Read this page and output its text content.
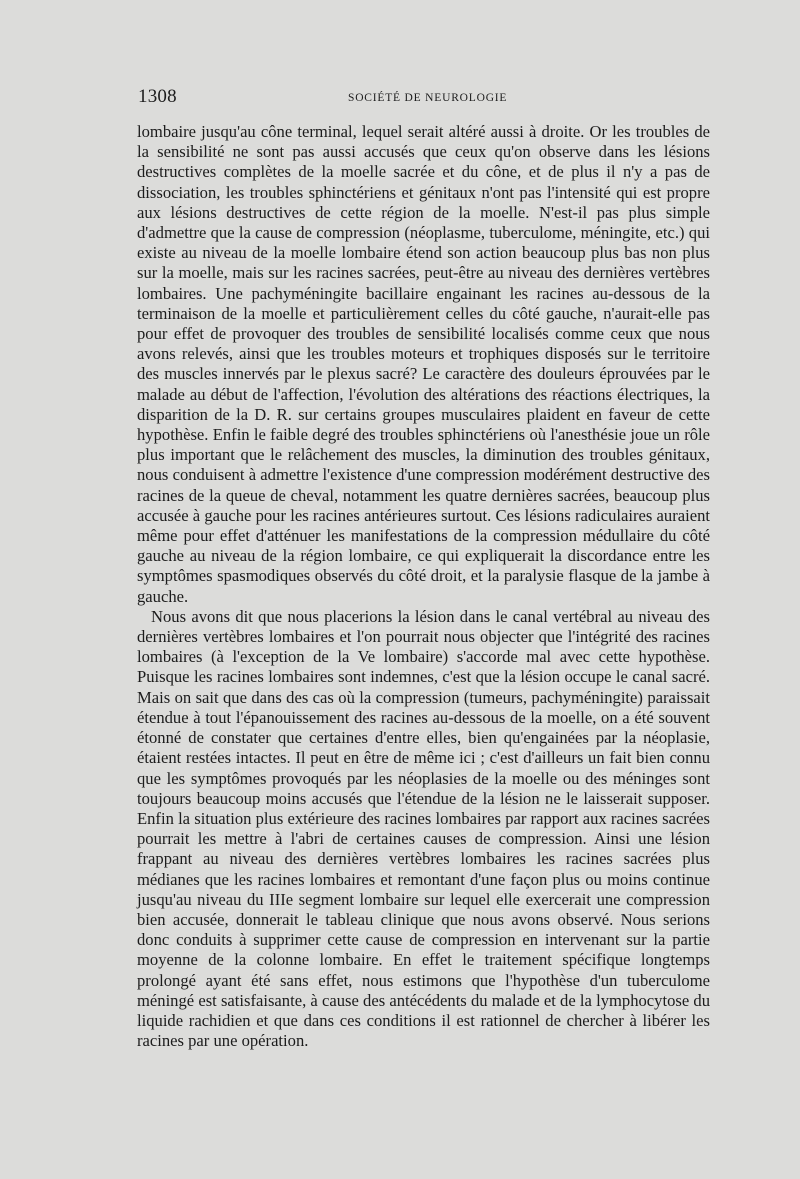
1308	SOCIÉTÉ DE NEUROLOGIE

lombaire jusqu'au cône terminal, lequel serait altéré aussi à droite. Or les troubles de la sensibilité ne sont pas aussi accusés que ceux qu'on observe dans les lésions destructives complètes de la moelle sacrée et du cône, et de plus il n'y a pas de dissociation, les troubles sphinctériens et génitaux n'ont pas l'intensité qui est propre aux lésions destructives de cette région de la moelle. N'est-il pas plus simple d'admettre que la cause de compression (néoplasme, tuberculome, méningite, etc.) qui existe au niveau de la moelle lombaire étend son action beaucoup plus bas non plus sur la moelle, mais sur les racines sacrées, peut-être au niveau des dernières vertèbres lombaires. Une pachyméningite bacillaire engainant les racines au-dessous de la terminaison de la moelle et particulièrement celles du côté gauche, n'aurait-elle pas pour effet de provoquer des troubles de sensibilité localisés comme ceux que nous avons relevés, ainsi que les troubles moteurs et trophiques disposés sur le territoire des muscles innervés par le plexus sacré? Le caractère des douleurs éprouvées par le malade au début de l'affection, l'évolution des altérations des réactions électriques, la disparition de la D. R. sur certains groupes musculaires plaident en faveur de cette hypothèse. Enfin le faible degré des troubles sphinctériens où l'anesthésie joue un rôle plus important que le relâchement des muscles, la diminution des troubles génitaux, nous conduisent à admettre l'existence d'une compression modérément destructive des racines de la queue de cheval, notamment les quatre dernières sacrées, beaucoup plus accusée à gauche pour les racines antérieures surtout. Ces lésions radiculaires auraient même pour effet d'atténuer les manifestations de la compression médullaire du côté gauche au niveau de la région lombaire, ce qui expliquerait la discordance entre les symptômes spasmodiques observés du côté droit, et la paralysie flasque de la jambe à gauche.

Nous avons dit que nous placerions la lésion dans le canal vertébral au niveau des dernières vertèbres lombaires et l'on pourrait nous objecter que l'intégrité des racines lombaires (à l'exception de la Ve lombaire) s'accorde mal avec cette hypothèse. Puisque les racines lombaires sont indemnes, c'est que la lésion occupe le canal sacré. Mais on sait que dans des cas où la compression (tumeurs, pachyméningite) paraissait étendue à tout l'épanouissement des racines au-dessous de la moelle, on a été souvent étonné de constater que certaines d'entre elles, bien qu'engainées par la néoplasie, étaient restées intactes. Il peut en être de même ici ; c'est d'ailleurs un fait bien connu que les symptômes provoqués par les néoplasies de la moelle ou des méninges sont toujours beaucoup moins accusés que l'étendue de la lésion ne le laisserait supposer. Enfin la situation plus extérieure des racines lombaires par rapport aux racines sacrées pourrait les mettre à l'abri de certaines causes de compression. Ainsi une lésion frappant au niveau des dernières vertèbres lombaires les racines sacrées plus médianes que les racines lombaires et remontant d'une façon plus ou moins continue jusqu'au niveau du IIIe segment lombaire sur lequel elle exercerait une compression bien accusée, donnerait le tableau clinique que nous avons observé. Nous serions donc conduits à supprimer cette cause de compression en intervenant sur la partie moyenne de la colonne lombaire. En effet le traitement spécifique longtemps prolongé ayant été sans effet, nous estimons que l'hypothèse d'un tuberculome méningé est satisfaisante, à cause des antécédents du malade et de la lymphocytose du liquide rachidien et que dans ces conditions il est rationnel de chercher à libérer les racines par une opération.
